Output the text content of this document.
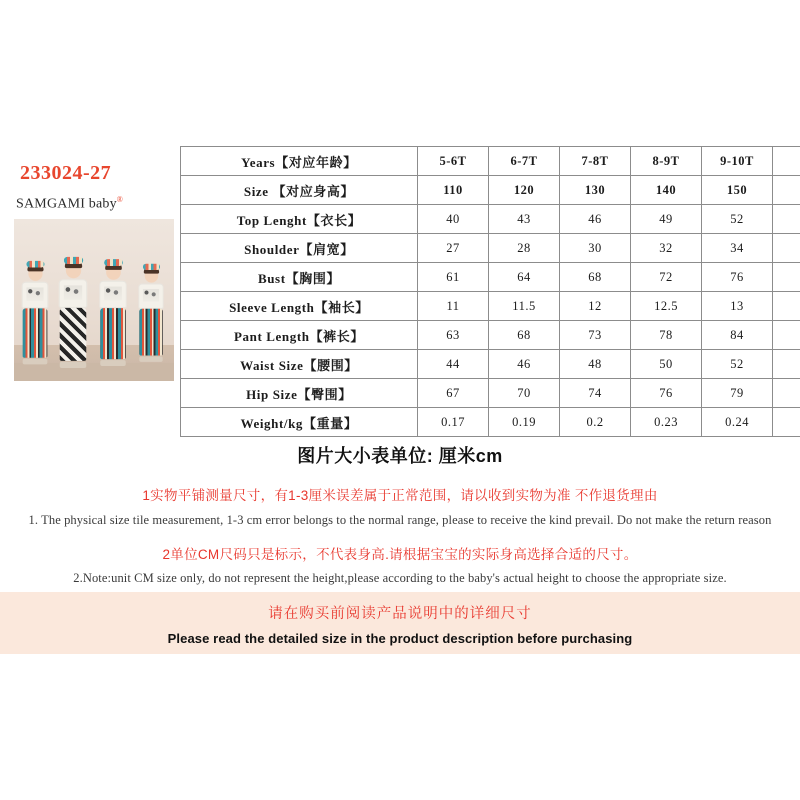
233024-27
SAMGAMI baby®
Years【对应年龄】	5-6T	6-7T	7-8T	8-9T	9-10T	
Size 【对应身高】	110	120	130	140	150	
Top Lenght【衣长】	40	43	46	49	52	
Shoulder【肩宽】	27	28	30	32	34	
Bust【胸围】	61	64	68	72	76	
Sleeve Length【袖长】	11	11.5	12	12.5	13	
Pant Length【裤长】	63	68	73	78	84	
Waist Size【腰围】	44	46	48	50	52	
Hip Size【臀围】	67	70	74	76	79	
Weight/kg【重量】	0.17	0.19	0.2	0.23	0.24	
图片大小表单位: 厘米cm
1实物平铺测量尺寸，有1-3厘米误差属于正常范围，请以收到实物为准 不作退货理由
1. The physical size tile measurement, 1-3 cm error belongs to the normal range, please to receive the kind prevail. Do not make the return reason
2单位CM尺码只是标示，不代表身高.请根据宝宝的实际身高选择合适的尺寸。
2.Note:unit CM size only, do not represent the height,please according to the baby's actual height to choose the appropriate size.
请在购买前阅读产品说明中的详细尺寸
Please read the detailed size in the product description before purchasing
